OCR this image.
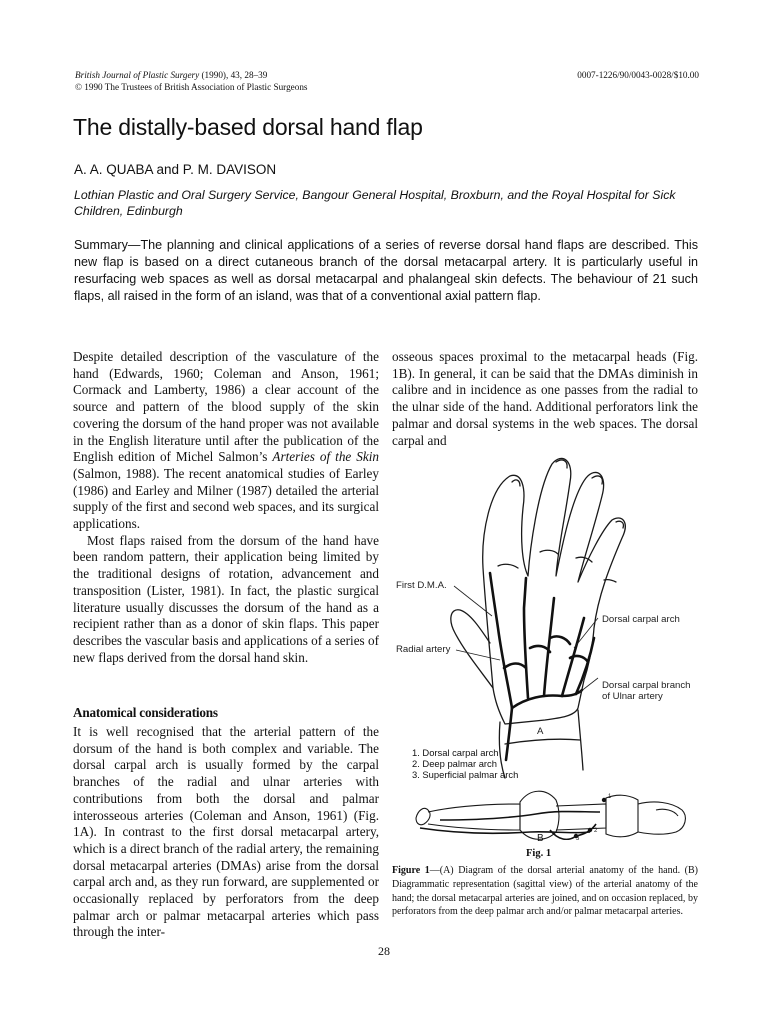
British Journal of Plastic Surgery (1990), 43, 28–39
© 1990 The Trustees of British Association of Plastic Surgeons
0007-1226/90/0043-0028/$10.00
The distally-based dorsal hand flap
A. A. QUABA and P. M. DAVISON
Lothian Plastic and Oral Surgery Service, Bangour General Hospital, Broxburn, and the Royal Hospital for Sick Children, Edinburgh
Summary—The planning and clinical applications of a series of reverse dorsal hand flaps are described. This new flap is based on a direct cutaneous branch of the dorsal metacarpal artery. It is particularly useful in resurfacing web spaces as well as dorsal metacarpal and phalangeal skin defects. The behaviour of 21 such flaps, all raised in the form of an island, was that of a conventional axial pattern flap.

Despite detailed description of the vasculature of the hand (Edwards, 1960; Coleman and Anson, 1961; Cormack and Lamberty, 1986) a clear account of the source and pattern of the blood supply of the skin covering the dorsum of the hand proper was not available in the English literature until after the publication of the English edition of Michel Salmon’s Arteries of the Skin (Salmon, 1988). The recent anatomical studies of Earley (1986) and Earley and Milner (1987) detailed the arterial supply of the first and second web spaces, and its surgical applications.

Most flaps raised from the dorsum of the hand have been random pattern, their application being limited by the traditional designs of rotation, advancement and transposition (Lister, 1981). In fact, the plastic surgical literature usually discusses the dorsum of the hand as a recipient rather than as a donor of skin flaps. This paper describes the vascular basis and applications of a series of new flaps derived from the dorsal hand skin.

Anatomical considerations
It is well recognised that the arterial pattern of the dorsum of the hand is both complex and variable. The dorsal carpal arch is usually formed by the carpal branches of the radial and ulnar arteries with contributions from both the dorsal and palmar interosseous arteries (Coleman and Anson, 1961) (Fig. 1A). In contrast to the first dorsal metacarpal artery, which is a direct branch of the radial artery, the remaining dorsal metacarpal arteries (DMAs) arise from the dorsal carpal arch and, as they run forward, are supplemented or occasionally replaced by perforators from the deep palmar arch or palmar metacarpal arteries which pass through the inter-
osseous spaces proximal to the metacarpal heads (Fig. 1B). In general, it can be said that the DMAs diminish in calibre and in incidence as one passes from the radial to the ulnar side of the hand. Additional perforators link the palmar and dorsal systems in the web spaces. The dorsal carpal and
First D.M.A.
Dorsal carpal arch
Radial artery
Dorsal carpal branch
of Ulnar artery
A
1
2
3
1. Dorsal carpal arch
2. Deep palmar arch
3. Superficial palmar arch
B
Fig. 1
Figure 1—(A) Diagram of the dorsal arterial anatomy of the hand. (B) Diagrammatic representation (sagittal view) of the arterial anatomy of the hand; the dorsal metacarpal arteries are joined, and on occasion replaced, by perforators from the deep palmar arch and/or palmar metacarpal arteries.
28
